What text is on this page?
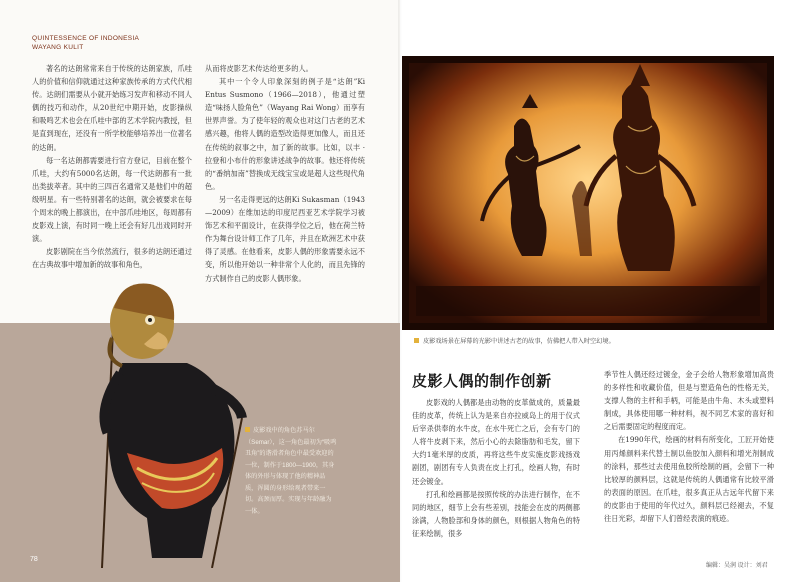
QUINTESSENCE OF INDONESIA WAYANG KULIT

著名的达朗常常来自于传统的达朗家族，爪哇人的价值和信仰就通过这种家族传承的方式代代相传。达朗们需要从小就开始练习发声和移动不同人偶的技巧和动作，从20世纪中期开始，皮影操纵和吸鸣艺术也会在爪哇中部的艺术学院内教授，但是直到现在，还没有一所学校能够培养出一位著名的达朗。

每一名达朗都需要进行官方登记，目前在整个爪哇，大约有5000名达朗，每一代达朗都有一批出类拔萃者。其中的三四百名通常又是他们中的超级明星。有一些特别著名的达朗，就会被要求在每个周末的晚上都演出，在中部爪哇地区，每周都有皮影戏上演，有时同一晚上还会有好几出戏同时开演。

皮影剧院在当今依然流行，很多的达朗还通过在古典故事中增加新的故事和角色，

从而将皮影艺术传达给更多的人。

其中一个令人印象深刻的例子是“达朗”Ki Entus Susmono（1966—2018），他通过塑造“味扬人脸角色”（Wayang Rai Wong）而享有世界声誉。为了使年轻的观众也对这门古老的艺术感兴趣，他将人偶的造型改造得更加像人，而且还在传统的叙事之中，加了新的故事。比如，以丰 · 拉登和小布什的形象讲述战争的故事。他还将传统的“番纳加南”替换成无线宝宝或是超人这些现代角色。

另一名走得更远的达朗Ki Sukasman（1943—2009）在维加达的印度尼西亚艺术学院学习被饰艺术和平面设计，在获得学位之后，他在荷兰特作为舞台设计师工作了几年，并且在欧洲艺术中获得了灵感。在他看来，皮影人偶的形象需要永远不变，所以他开始以一种非常个人化的，而且先锋的方式制作自己的皮影人偶形象。

皮影戏中的角色苏马尔（Semar），这一角色最初为“吸鸣丑角”的谐滑者角色中最受欢迎的一位，制作于1800—1900，其身体的外形与体现了他的精神品质，浑圆的身形给观者带来一切。高颈而厚。实现与年龄融为一体。
78
皮影戏场景在屏幕的光影中讲述古老的故事，仿佛把人带入时空幻境。
皮影人偶的制作创新

皮影戏的人偶都是由动物的皮革做成的，质量最佳的皮革，传统上认为是来自亦拉威岛上的用于仪式后宰杀供奉的水牛皮，在水牛死亡之后，会有专门的人将牛皮剥下来，然后小心的去除脂肪和毛发，留下大约1毫米厚的皮质，再将这些牛皮实施皮影戏扬戏剧团，剧团有专人负责在皮上打孔，绘画人物，有时还会镀金。

打孔和绘画都是按照传统的办法进行制作，在不同的地区，细节上会有些差别，技能会在皮的两侧都涂满，人物脸部和身体的颜色，则根据人物角色的特征来绘制，很多

季节性人偶还经过镀金，金子会给人物形象增加高贵的多样性和收藏价值，但是与塑造角色的性格无关，支撑人物的主杆和手柄，可能是由牛角、木头或塑料制成，具体使用哪一种材料，视不同艺术家的喜好和之后需要固定的程度而定。

在1990年代，绘画的材料有所变化，工匠开始使用丙烯颜料来代替土制以鱼胶加入颜料和增光剂制成的涂料，那些过去使用鱼胶所绘制的画，会留下一种比较厚的颜料层，这就是传统的人偶通常有比较平滑的表面的原因。在爪哇，很多真正从古远年代留下来的皮影由于使用的年代过久，颜料层已经褪去，不复往日光彩，却留下人们曾经表演的痕迹。

编辑：吴润 设计：刘君
